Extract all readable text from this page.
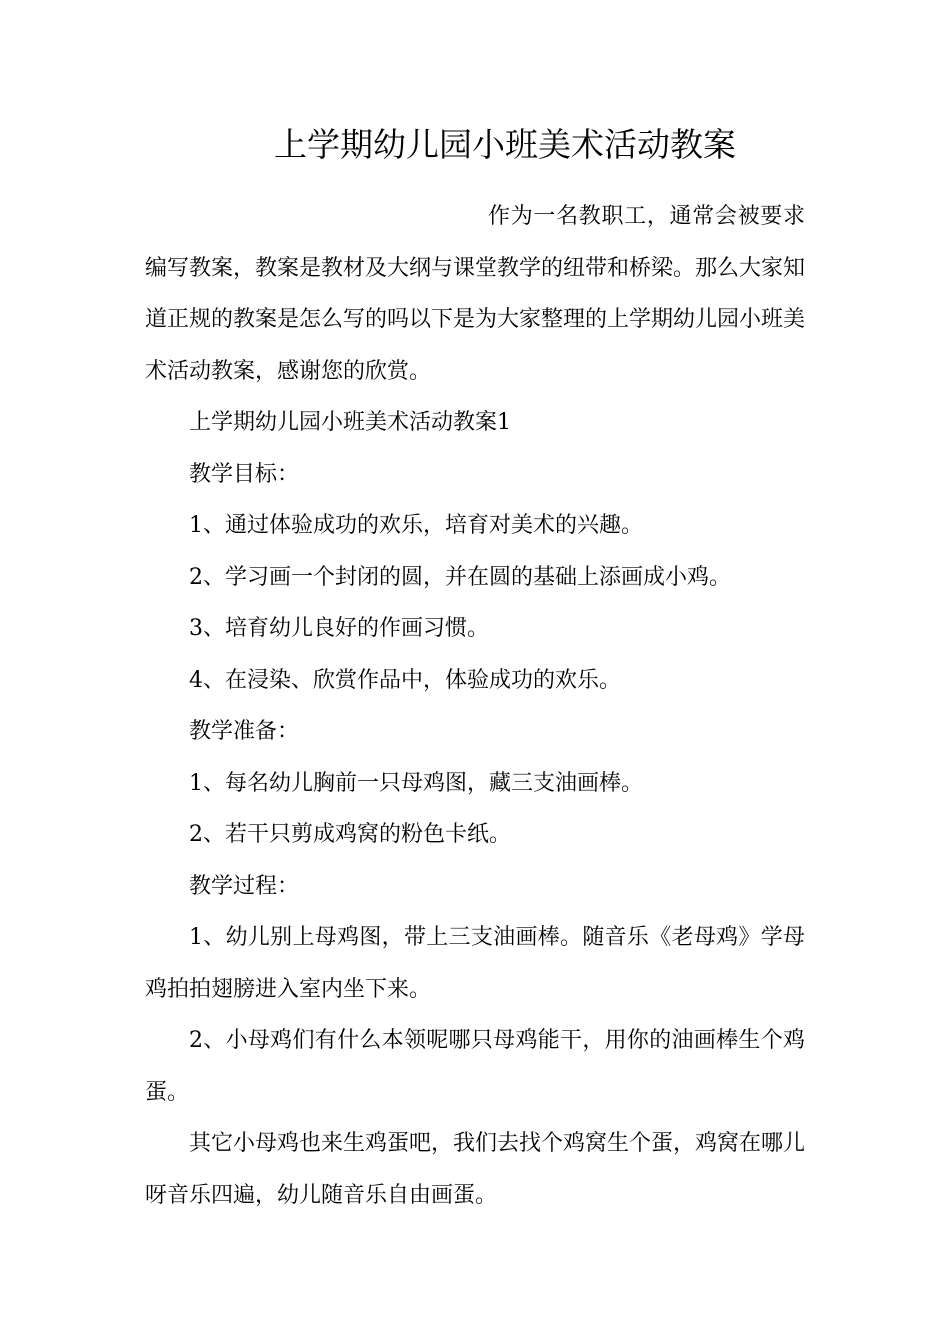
上学期幼儿园小班美术活动教案

作为一名教职工，通常会被要求编写教案，教案是教材及大纲与课堂教学的纽带和桥梁。那么大家知道正规的教案是怎么写的吗以下是为大家整理的上学期幼儿园小班美术活动教案，感谢您的欣赏。

上学期幼儿园小班美术活动教案1

教学目标：

1、通过体验成功的欢乐，培育对美术的兴趣。

2、学习画一个封闭的圆，并在圆的基础上添画成小鸡。

3、培育幼儿良好的作画习惯。

4、在浸染、欣赏作品中，体验成功的欢乐。

教学准备：

1、每名幼儿胸前一只母鸡图，藏三支油画棒。

2、若干只剪成鸡窝的粉色卡纸。

教学过程：

1、幼儿别上母鸡图，带上三支油画棒。随音乐《老母鸡》学母鸡拍拍翅膀进入室内坐下来。

2、小母鸡们有什么本领呢哪只母鸡能干，用你的油画棒生个鸡蛋。

其它小母鸡也来生鸡蛋吧，我们去找个鸡窝生个蛋，鸡窝在哪儿呀音乐四遍，幼儿随音乐自由画蛋。
